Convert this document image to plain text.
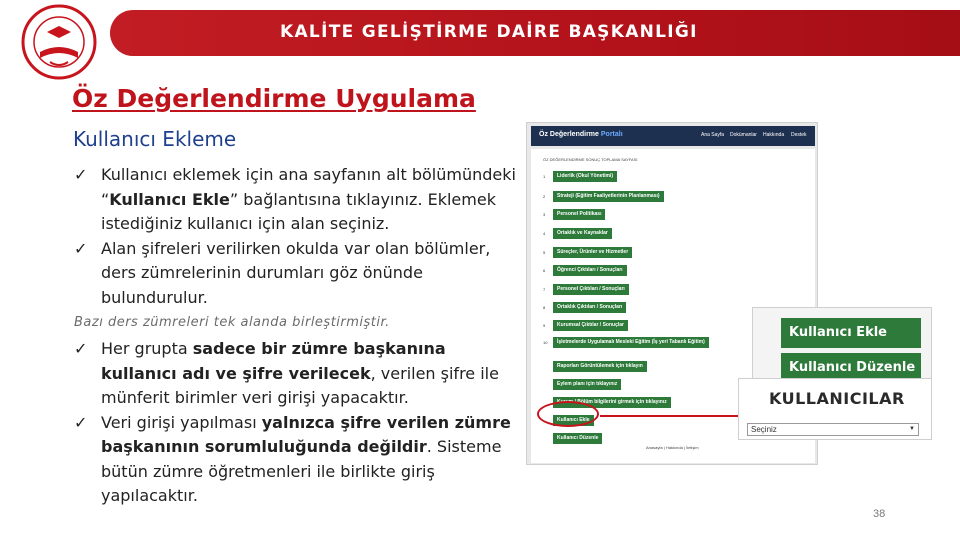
KALİTE GELİŞTİRME DAİRE BAŞKANLIĞI
Öz Değerlendirme Uygulama
Kullanıcı Ekleme
✓ Kullanıcı eklemek için ana sayfanın alt bölümündeki “Kullanıcı Ekle” bağlantısına tıklayınız. Eklemek istediğiniz kullanıcı için alan seçiniz.
✓ Alan şifreleri verilirken okulda var olan bölümler, ders zümrelerinin durumları göz önünde bulundurulur.
Bazı ders zümreleri tek alanda birleştirmiştir.
✓ Her grupta sadece bir zümre başkanına kullanıcı adı ve şifre verilecek, verilen şifre ile münferit birimler veri girişi yapacaktır.
✓ Veri girişi yapılması yalnızca şifre verilen zümre başkanının sorumluluğunda değildir. Sisteme bütün zümre öğretmenleri ile birlikte giriş yapılacaktır.
Öz Değerlendirme Portalı	Ana Sayfa Dokümanlar Hakkında Destek
ÖZ DEĞERLENDİRME SONUÇ TOPLAMA SAYFASI
1	Liderlik (Okul Yönetimi)
2	Strateji (Eğitim Faaliyetlerinin Planlanması)
3	Personel Politikası
4	Ortaklık ve Kaynaklar
5	Süreçler, Ürünler ve Hizmetler
6	Öğrenci Çıktıları / Sonuçları
7	Personel Çıktıları / Sonuçları
8	Ortaklık Çıktıları / Sonuçları
9	Kurumsal Çıktılar / Sonuçlar
10	İşletmelerde Uygulamalı Mesleki Eğitim (İş yeri Tabanlı Eğitim)
Raporları Görüntülemek için tıklayın
Eylem planı için tıklayınız
Kurum / Bölüm bilgilerini girmek için tıklayınız
Kullanıcı Ekle
Kullanıcı Düzenle
Anasayfa | Hakkında | İletişim
Kullanıcı Ekle
Kullanıcı Düzenle
KULLANICILAR
Seçiniz	▼
38
